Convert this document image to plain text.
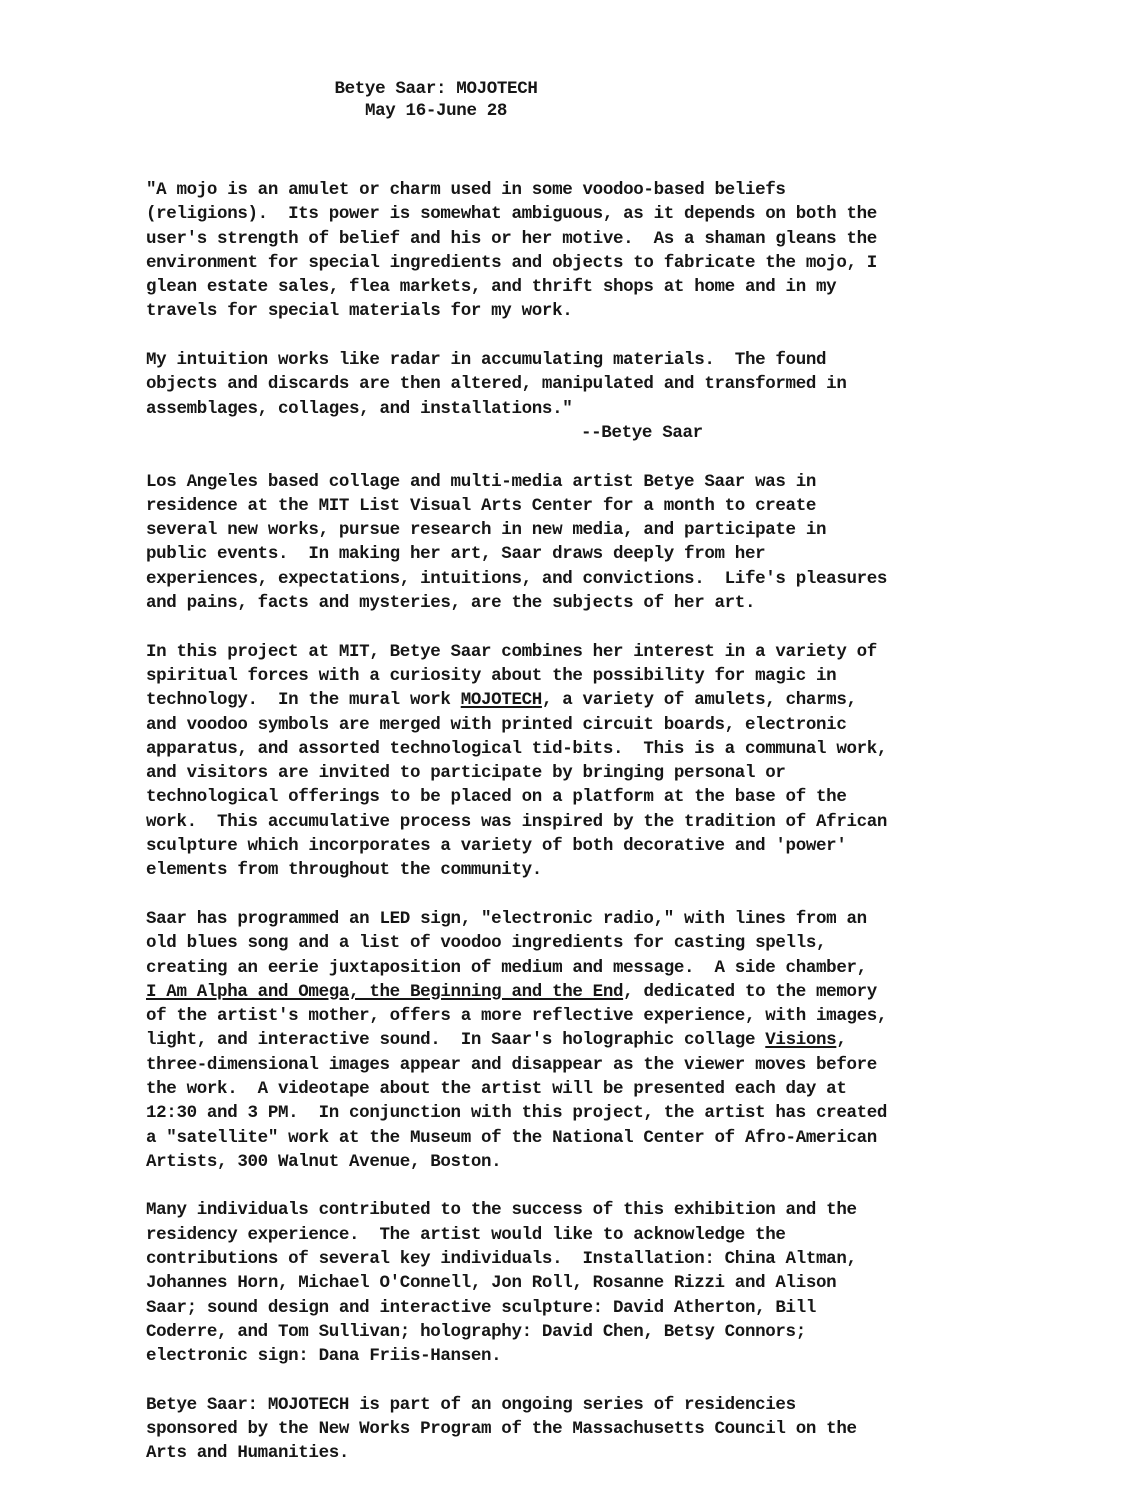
Betye Saar: MOJOTECH
May 16-June 28
"A mojo is an amulet or charm used in some voodoo-based beliefs
(religions).  Its power is somewhat ambiguous, as it depends on both the
user's strength of belief and his or her motive.  As a shaman gleans the
environment for special ingredients and objects to fabricate the mojo, I
glean estate sales, flea markets, and thrift shops at home and in my
travels for special materials for my work.
My intuition works like radar in accumulating materials.  The found
objects and discards are then altered, manipulated and transformed in
assemblages, collages, and installations."
--Betye Saar
Los Angeles based collage and multi-media artist Betye Saar was in
residence at the MIT List Visual Arts Center for a month to create
several new works, pursue research in new media, and participate in
public events.  In making her art, Saar draws deeply from her
experiences, expectations, intuitions, and convictions.  Life's pleasures
and pains, facts and mysteries, are the subjects of her art.
In this project at MIT, Betye Saar combines her interest in a variety of
spiritual forces with a curiosity about the possibility for magic in
technology.  In the mural work MOJOTECH, a variety of amulets, charms,
and voodoo symbols are merged with printed circuit boards, electronic
apparatus, and assorted technological tid-bits.  This is a communal work,
and visitors are invited to participate by bringing personal or
technological offerings to be placed on a platform at the base of the
work.  This accumulative process was inspired by the tradition of African
sculpture which incorporates a variety of both decorative and 'power'
elements from throughout the community.
Saar has programmed an LED sign, "electronic radio," with lines from an
old blues song and a list of voodoo ingredients for casting spells,
creating an eerie juxtaposition of medium and message.  A side chamber,
I Am Alpha and Omega, the Beginning and the End, dedicated to the memory
of the artist's mother, offers a more reflective experience, with images,
light, and interactive sound.  In Saar's holographic collage Visions,
three-dimensional images appear and disappear as the viewer moves before
the work.  A videotape about the artist will be presented each day at
12:30 and 3 PM.  In conjunction with this project, the artist has created
a "satellite" work at the Museum of the National Center of Afro-American
Artists, 300 Walnut Avenue, Boston.
Many individuals contributed to the success of this exhibition and the
residency experience.  The artist would like to acknowledge the
contributions of several key individuals.  Installation: China Altman,
Johannes Horn, Michael O'Connell, Jon Roll, Rosanne Rizzi and Alison
Saar; sound design and interactive sculpture: David Atherton, Bill
Coderre, and Tom Sullivan; holography: David Chen, Betsy Connors;
electronic sign: Dana Friis-Hansen.
Betye Saar: MOJOTECH is part of an ongoing series of residencies
sponsored by the New Works Program of the Massachusetts Council on the
Arts and Humanities.
